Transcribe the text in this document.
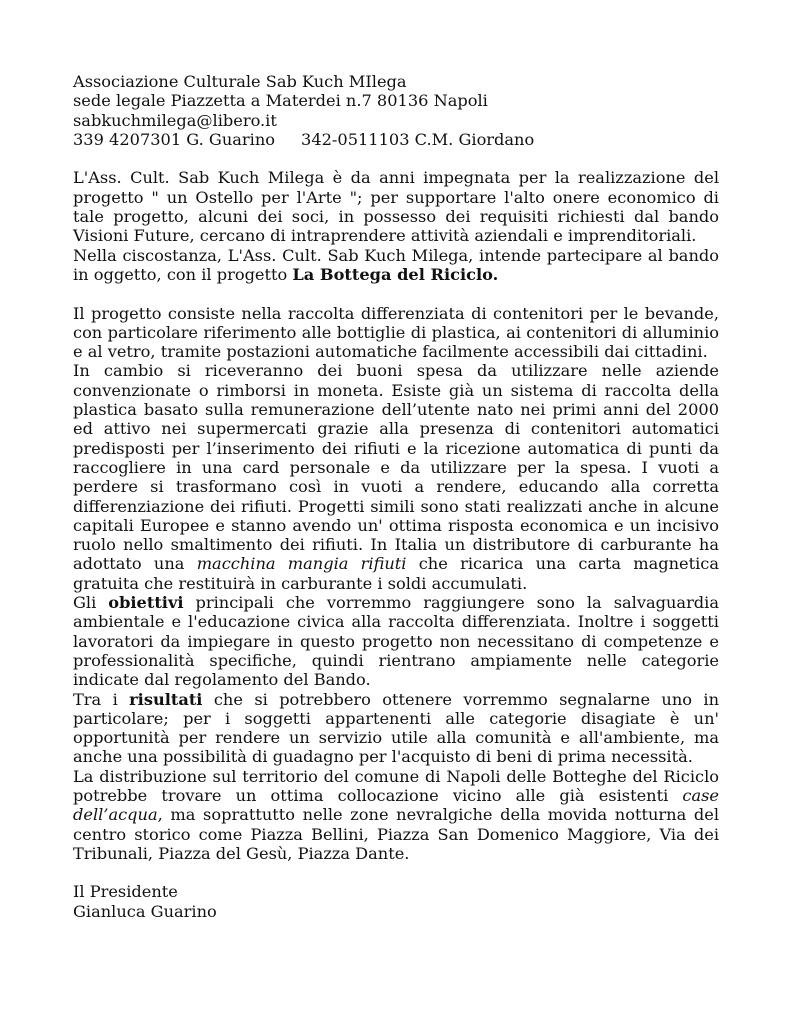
Associazione Culturale Sab Kuch MIlega

sede legale Piazzetta a Materdei n.7 80136 Napoli

sabkuchmilega@libero.it

339 4207301 G. Guarino 342-0511103 C.M. Giordano

L'Ass. Cult. Sab Kuch Milega è da anni impegnata per la realizzazione del progetto " un Ostello per l'Arte "; per supportare l'alto onere economico di tale progetto, alcuni dei soci, in possesso dei requisiti richiesti dal bando Visioni Future, cercano di intraprendere attività aziendali e imprenditoriali.

Nella ciscostanza, L'Ass. Cult. Sab Kuch Milega, intende partecipare al bando in oggetto, con il progetto La Bottega del Riciclo.

Il progetto consiste nella raccolta differenziata di contenitori per le bevande, con particolare riferimento alle bottiglie di plastica, ai contenitori di alluminio e al vetro, tramite postazioni automatiche facilmente accessibili dai cittadini.

In cambio si riceveranno dei buoni spesa da utilizzare nelle aziende convenzionate o rimborsi in moneta. Esiste già un sistema di raccolta della plastica basato sulla remunerazione dell’utente nato nei primi anni del 2000 ed attivo nei supermercati grazie alla presenza di contenitori automatici predisposti per l’inserimento dei rifiuti e la ricezione automatica di punti da raccogliere in una card personale e da utilizzare per la spesa. I vuoti a perdere si trasformano così in vuoti a rendere, educando alla corretta differenziazione dei rifiuti. Progetti simili sono stati realizzati anche in alcune capitali Europee e stanno avendo un' ottima risposta economica e un incisivo ruolo nello smaltimento dei rifiuti. In Italia un distributore di carburante ha adottato una macchina mangia rifiuti che ricarica una carta magnetica gratuita che restituirà in carburante i soldi accumulati.

Gli obiettivi principali che vorremmo raggiungere sono la salvaguardia ambientale e l'educazione civica alla raccolta differenziata. Inoltre i soggetti lavoratori da impiegare in questo progetto non necessitano di competenze e professionalità specifiche, quindi rientrano ampiamente nelle categorie indicate dal regolamento del Bando.

Tra i risultati che si potrebbero ottenere vorremmo segnalarne uno in particolare; per i soggetti appartenenti alle categorie disagiate è un' opportunità per rendere un servizio utile alla comunità e all'ambiente, ma anche una possibilità di guadagno per l'acquisto di beni di prima necessità.

La distribuzione sul territorio del comune di Napoli delle Botteghe del Riciclo potrebbe trovare un ottima collocazione vicino alle già esistenti case dell’acqua, ma soprattutto nelle zone nevralgiche della movida notturna del centro storico come Piazza Bellini, Piazza San Domenico Maggiore, Via dei Tribunali, Piazza del Gesù, Piazza Dante.

Il Presidente

Gianluca Guarino
